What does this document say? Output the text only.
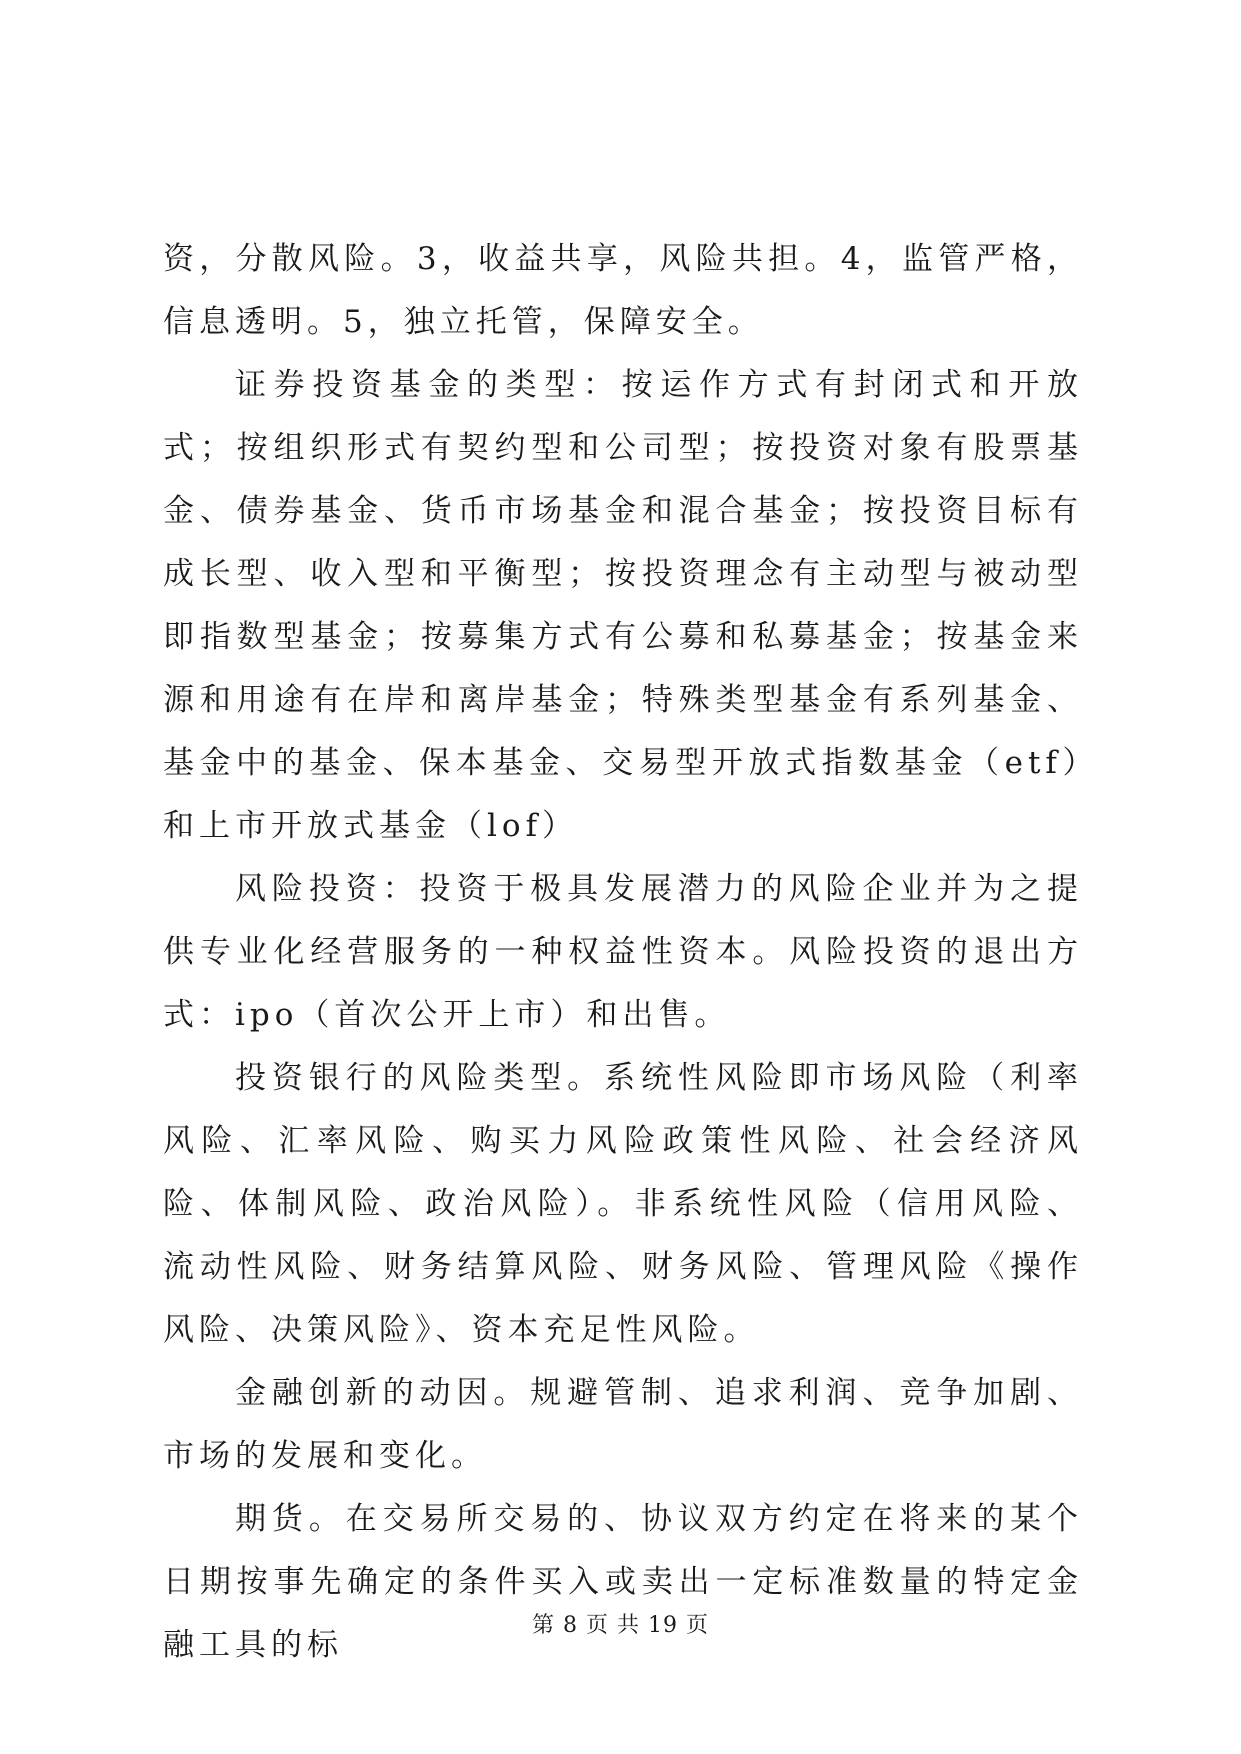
资，分散风险。3，收益共享，风险共担。4，监管严格，信息透明。5，独立托管，保障安全。

证券投资基金的类型：按运作方式有封闭式和开放式；按组织形式有契约型和公司型；按投资对象有股票基金、债券基金、货币市场基金和混合基金；按投资目标有成长型、收入型和平衡型；按投资理念有主动型与被动型即指数型基金；按募集方式有公募和私募基金；按基金来源和用途有在岸和离岸基金；特殊类型基金有系列基金、基金中的基金、保本基金、交易型开放式指数基金（etf）和上市开放式基金（lof）

风险投资：投资于极具发展潜力的风险企业并为之提供专业化经营服务的一种权益性资本。风险投资的退出方式：ipo（首次公开上市）和出售。

投资银行的风险类型。系统性风险即市场风险（利率风险、汇率风险、购买力风险政策性风险、社会经济风险、体制风险、政治风险）。非系统性风险（信用风险、流动性风险、财务结算风险、财务风险、管理风险《操作风险、决策风险》、资本充足性风险。

金融创新的动因。规避管制、追求利润、竞争加剧、市场的发展和变化。

期货。在交易所交易的、协议双方约定在将来的某个日期按事先确定的条件买入或卖出一定标准数量的特定金融工具的标

第 8 页 共 19 页
